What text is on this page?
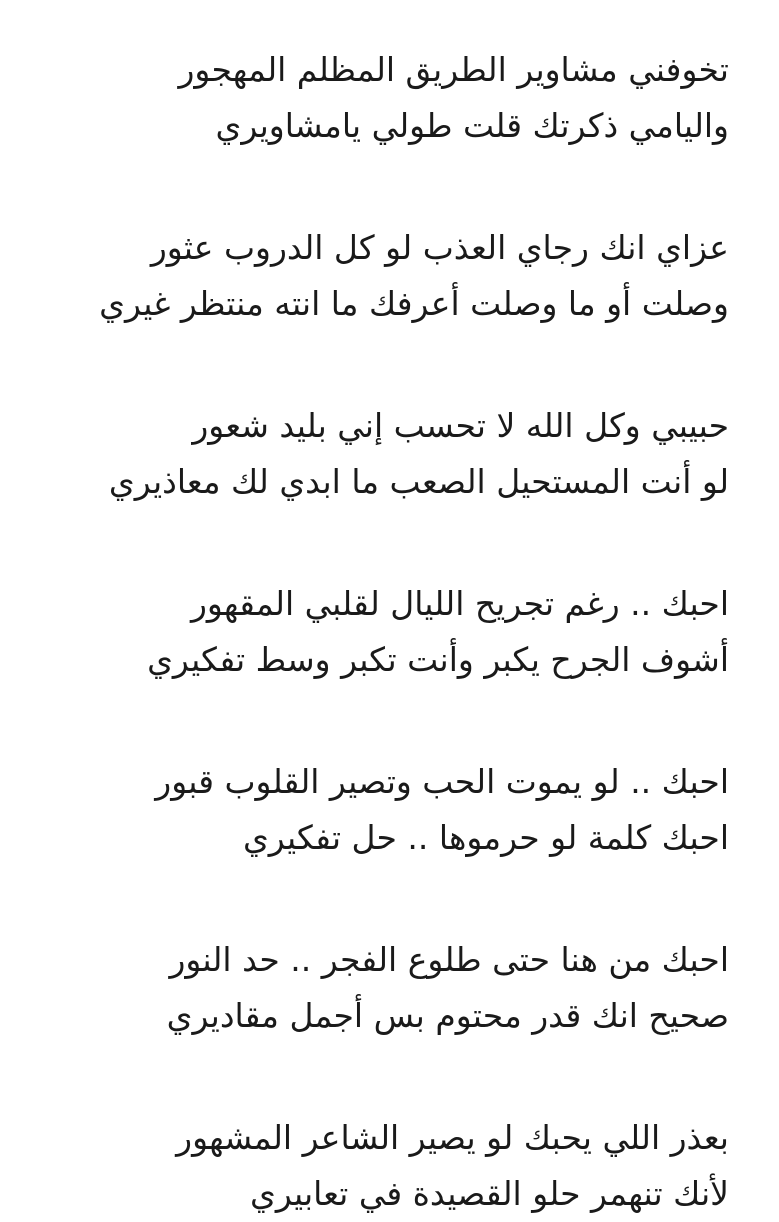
تخوفني مشاوير الطريق المظلم المهجور
واليامي ذكرتك قلت طولي يامشاويري
عزاي انك رجاي العذب لو كل الدروب عثور
وصلت أو ما وصلت أعرفك ما انته منتظر غيري
حبيبي وكل الله لا تحسب إني بليد شعور
لو أنت المستحيل الصعب ما ابدي لك معاذيري
احبك .. رغم تجريح الليال لقلبي المقهور
أشوف الجرح يكبر وأنت تكبر وسط تفكيري
احبك .. لو يموت الحب وتصير القلوب قبور
احبك كلمة لو حرموها .. حل تفكيري
احبك من هنا حتى طلوع الفجر .. حد النور
صحيح انك قدر محتوم بس أجمل مقاديري
بعذر اللي يحبك لو يصير الشاعر المشهور
لأنك تنهمر حلو القصيدة في تعابيري
